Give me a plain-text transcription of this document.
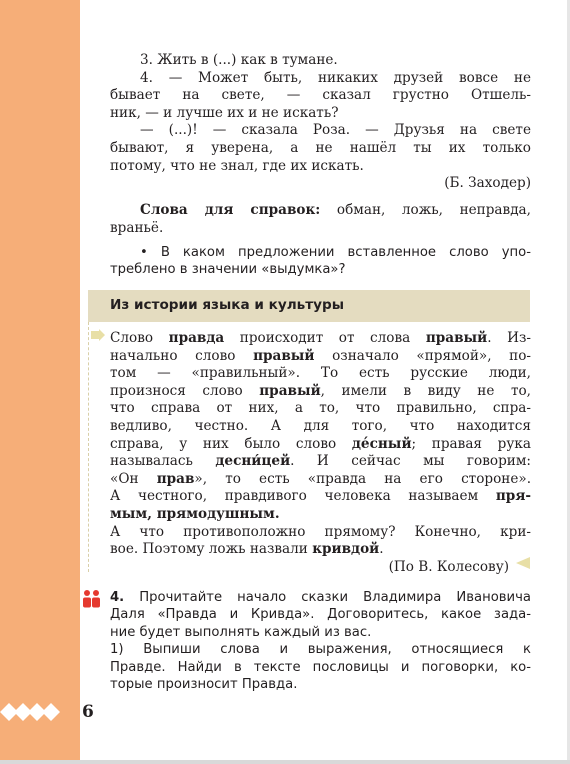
3. Жить в (...) как в тумане.
4. — Может быть, никаких друзей вовсе не
бывает на свете, — сказал грустно Отшель-
ник, — и лучше их и не искать?
— (...)! — сказала Роза. — Друзья на свете
бывают, я уверена, а не нашёл ты их только
потому, что не знал, где их искать.
(Б. Заходер)
Слова для справок: обман, ложь, неправда,
враньё.
• В каком предложении вставленное слово упо-
треблено в значении «выдумка»?
Из истории языка и культуры
Слово правда происходит от слова правый. Из-
начально слово правый означало «прямой», по-
том — «правильный». То есть русские люди,
произнося слово правый, имели в виду не то,
что справа от них, а то, что правильно, спра-
ведливо, честно. А для того, что находится
справа, у них было слово дéсный; правая рука
называлась десни́цей. И сейчас мы говорим:
«Он прав», то есть «правда на его стороне».
А честного, правдивого человека называем пря-
мым, прямодушным.
А что противоположно прямому? Конечно, кри-
вое. Поэтому ложь назвали кривдой.
(По В. Колесову)
4. Прочитайте начало сказки Владимира Ивановича
Даля «Правда и Кривда». Договоритесь, какое зада-
ние будет выполнять каждый из вас.
1) Выпиши слова и выражения, относящиеся к
Правде. Найди в тексте пословицы и поговорки, ко-
торые произносит Правда.
6
